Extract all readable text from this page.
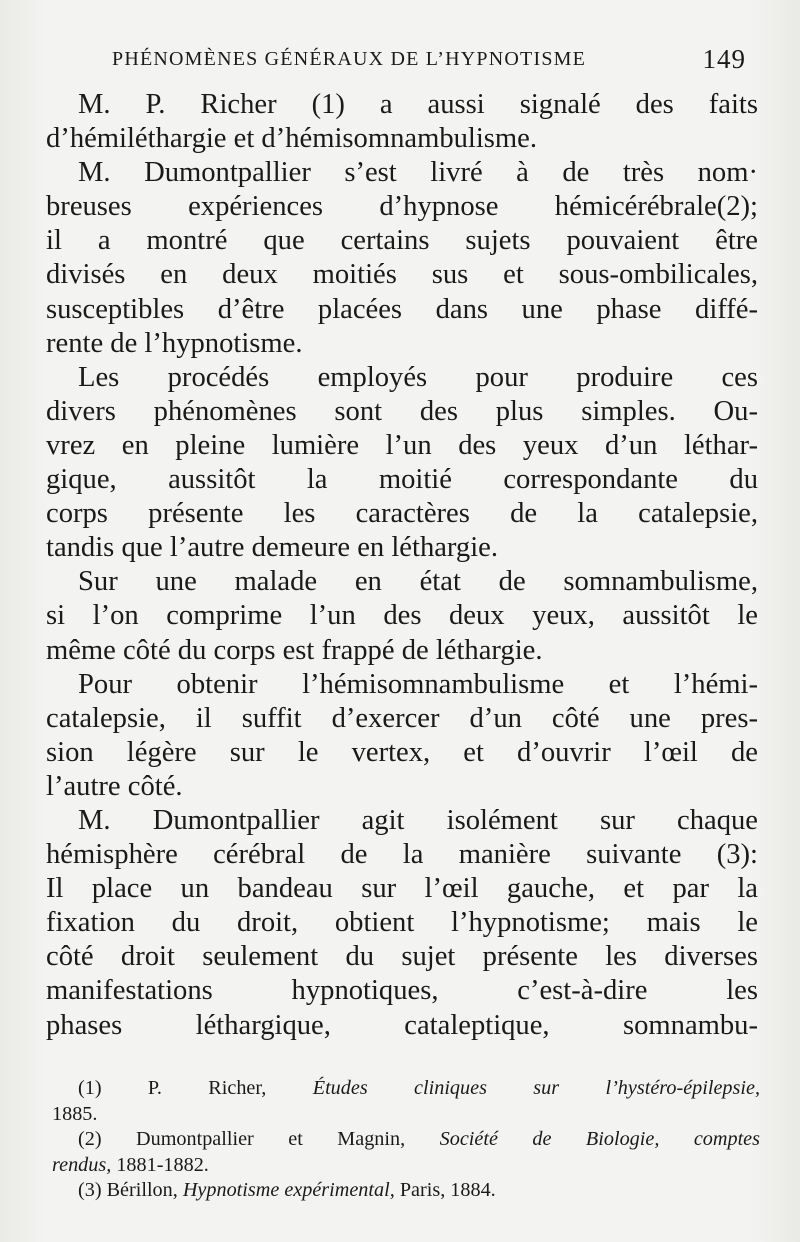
PHÉNOMÈNES GÉNÉRAUX DE L’HYPNOTISME	149
M. P. Richer (1) a aussi signalé des faits
d’hémiléthargie et d’hémisomnambulisme.
M. Dumontpallier s’est livré à de très nom·
breuses expériences d’hypnose hémicérébrale(2);
il a montré que certains sujets pouvaient être
divisés en deux moitiés sus et sous-ombilicales,
susceptibles d’être placées dans une phase diffé-
rente de l’hypnotisme.
Les procédés employés pour produire ces
divers phénomènes sont des plus simples. Ou-
vrez en pleine lumière l’un des yeux d’un léthar-
gique, aussitôt la moitié correspondante du
corps présente les caractères de la catalepsie,
tandis que l’autre demeure en léthargie.
Sur une malade en état de somnambulisme,
si l’on comprime l’un des deux yeux, aussitôt le
même côté du corps est frappé de léthargie.
Pour obtenir l’hémisomnambulisme et l’hémi-
catalepsie, il suffit d’exercer d’un côté une pres-
sion légère sur le vertex, et d’ouvrir l’œil de
l’autre côté.
M. Dumontpallier agit isolément sur chaque
hémisphère cérébral de la manière suivante (3):
Il place un bandeau sur l’œil gauche, et par la
fixation du droit, obtient l’hypnotisme; mais le
côté droit seulement du sujet présente les diverses
manifestations hypnotiques, c’est-à-dire les
phases léthargique, cataleptique, somnambu-
(1) P. Richer, Études cliniques sur l’hystéro-épilepsie,
1885.
(2) Dumontpallier et Magnin, Société de Biologie, comptes
rendus, 1881-1882.
(3) Bérillon, Hypnotisme expérimental, Paris, 1884.
